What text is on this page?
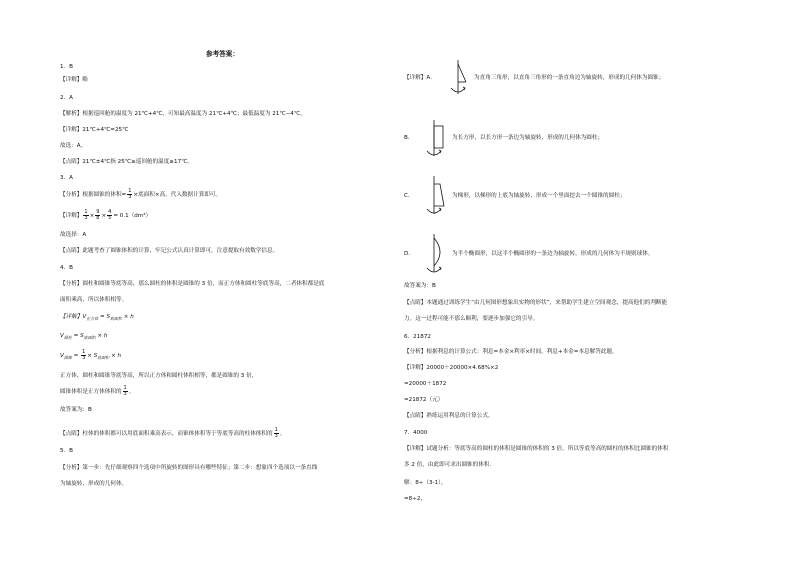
参考答案：
1．B
【详解】略
2．A
【解析】根据巡回舱的温度为 21℃+4℃，可知最高温度为 21℃+4℃；最低温度为 21℃−4℃。
【详解】21℃+4℃=25℃
故选：A。
【点睛】21℃±4℃指 25℃≥巡回舱的温度≥17℃。
3．A
【分析】根据圆锥的体积= $\frac{1}{3}$ ×底面积×高，代入数据计算即可。
【详解】 $\frac{1}{3} \times \frac{9}{8} \times \frac{4}{5} = 0.1(dm^3)$
故选择：A
【点睛】此题考查了圆锥体积的计算，牢记公式认真计算即可，注意提取有效数学信息。
4．B
【分析】圆柱和圆锥等底等高，那么圆柱的体积是圆锥的 3 倍，而正方体和圆柱等底等高，二者体积都是底
面积乘高，所以体积相等。
【详解】$V_{正方体} = S_{底面积} \times h$
$V_{圆柱} = S_{底面积} \times h$
$V_{圆锥} = \frac{1}{3} \times S_{底面积} \times h$
正方体、圆柱和圆锥等底等高，所以正方体和圆柱体积相等，都是圆锥的 3 倍，
圆锥体积是正方体体积的 $\frac{1}{3}$ 。
故答案为：B
【点睛】柱体的体积都可以用底面积乘高表示，而锥体体积等于等底等高的柱体体积的 $\frac{1}{3}$ 。
5．B
【分析】第一步：先仔细观察四个选项中所旋转的图形具有哪些特征；第二步：想象四个选项以一条直线
为轴旋转，形成的几何体。
【详解】A．	为直角三角形，以直角三角形的一条直角边为轴旋转，形成的几何体为圆锥；
B．	为长方形，以长方形一条边为轴旋转，形成的几何体为圆柱；
C．	为梯形，以梯形的上底为轴旋转，形成一个里面挖去一个圆锥的圆柱；
D．	为半个椭圆形，以这半个椭圆形的一条边为轴旋转，形成的几何体为不规则球体。
故答案为：B
【点睛】本题通过训练学生“由几何图形想象出实物的形状”，来帮助学生建立空间观念，提高他们的判断能
力。这一过程可能不那么顺利，要逐步加强它的引导。
6．21872
【分析】根据利息的计算公式：利息=本金×利率×时间，利息+本金=本息解答此题。
【详解】20000＋20000×4.68%×2
=20000＋1872
=21872（元）
【点睛】熟练运用利息的计算公式。
7．4000
【详解】试题分析：等底等高的圆柱的体积是圆锥的体积的 3 倍，所以等底等高的圆柱的体积比圆锥的体积
多 2 倍，由此即可求出圆锥的体积．
解：8÷（3-1），
=8÷2，
